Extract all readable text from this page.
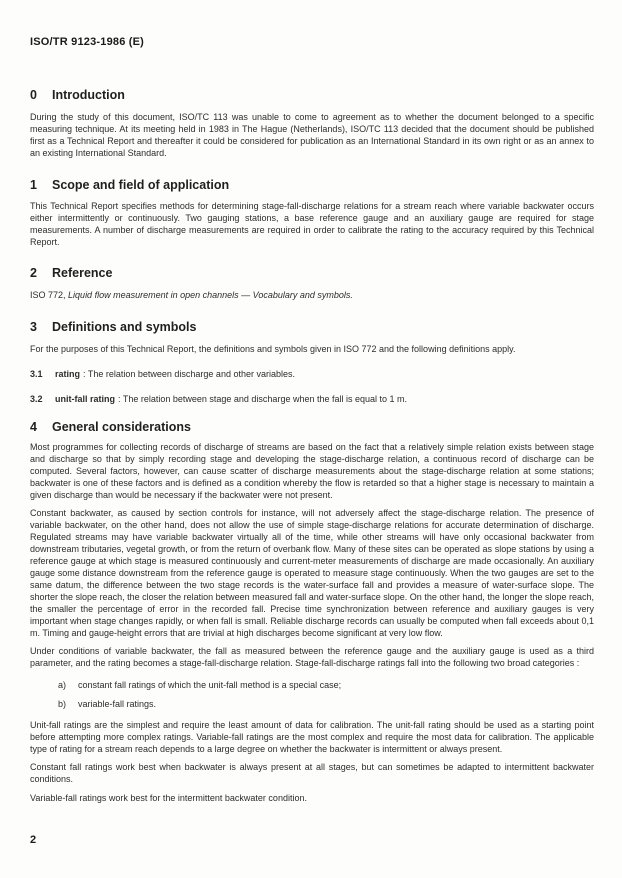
ISO/TR 9123-1986 (E)
0	Introduction

During the study of this document, ISO/TC 113 was unable to come to agreement as to whether the document belonged to a specific measuring technique. At its meeting held in 1983 in The Hague (Netherlands), ISO/TC 113 decided that the document should be published first as a Technical Report and thereafter it could be considered for publication as an International Standard in its own right or as an annex to an existing International Standard.

1	Scope and field of application

This Technical Report specifies methods for determining stage-fall-discharge relations for a stream reach where variable backwater occurs either intermittently or continuously. Two gauging stations, a base reference gauge and an auxiliary gauge are required for stage measurements. A number of discharge measurements are required in order to calibrate the rating to the accuracy required by this Technical Report.

2	Reference

ISO 772, Liquid flow measurement in open channels — Vocabulary and symbols.

3	Definitions and symbols

For the purposes of this Technical Report, the definitions and symbols given in ISO 772 and the following definitions apply.

3.1	rating : The relation between discharge and other variables.

3.2	unit-fall rating : The relation between stage and discharge when the fall is equal to 1 m.

4	General considerations

Most programmes for collecting records of discharge of streams are based on the fact that a relatively simple relation exists between stage and discharge so that by simply recording stage and developing the stage-discharge relation, a continuous record of discharge can be computed. Several factors, however, can cause scatter of discharge measurements about the stage-discharge relation at some stations; backwater is one of these factors and is defined as a condition whereby the flow is retarded so that a higher stage is necessary to maintain a given discharge than would be necessary if the backwater were not present.

Constant backwater, as caused by section controls for instance, will not adversely affect the stage-discharge relation. The presence of variable backwater, on the other hand, does not allow the use of simple stage-discharge relations for accurate determination of discharge. Regulated streams may have variable backwater virtually all of the time, while other streams will have only occasional backwater from downstream tributaries, vegetal growth, or from the return of overbank flow. Many of these sites can be operated as slope stations by using a reference gauge at which stage is measured continuously and current-meter measurements of discharge are made occasionally. An auxiliary gauge some distance downstream from the reference gauge is operated to measure stage continuously. When the two gauges are set to the same datum, the difference between the two stage records is the water-surface fall and provides a measure of water-surface slope. The shorter the slope reach, the closer the relation between measured fall and water-surface slope. On the other hand, the longer the slope reach, the smaller the percentage of error in the recorded fall. Precise time synchronization between reference and auxiliary gauges is very important when stage changes rapidly, or when fall is small. Reliable discharge records can usually be computed when fall exceeds about 0,1 m. Timing and gauge-height errors that are trivial at high discharges become significant at very low flow.

Under conditions of variable backwater, the fall as measured between the reference gauge and the auxiliary gauge is used as a third parameter, and the rating becomes a stage-fall-discharge relation. Stage-fall-discharge ratings fall into the following two broad categories :

a)	constant fall ratings of which the unit-fall method is a special case;
b)	variable-fall ratings.

Unit-fall ratings are the simplest and require the least amount of data for calibration. The unit-fall rating should be used as a starting point before attempting more complex ratings. Variable-fall ratings are the most complex and require the most data for calibration. The applicable type of rating for a stream reach depends to a large degree on whether the backwater is intermittent or always present.

Constant fall ratings work best when backwater is always present at all stages, but can sometimes be adapted to intermittent backwater conditions.

Variable-fall ratings work best for the intermittent backwater condition.

2
